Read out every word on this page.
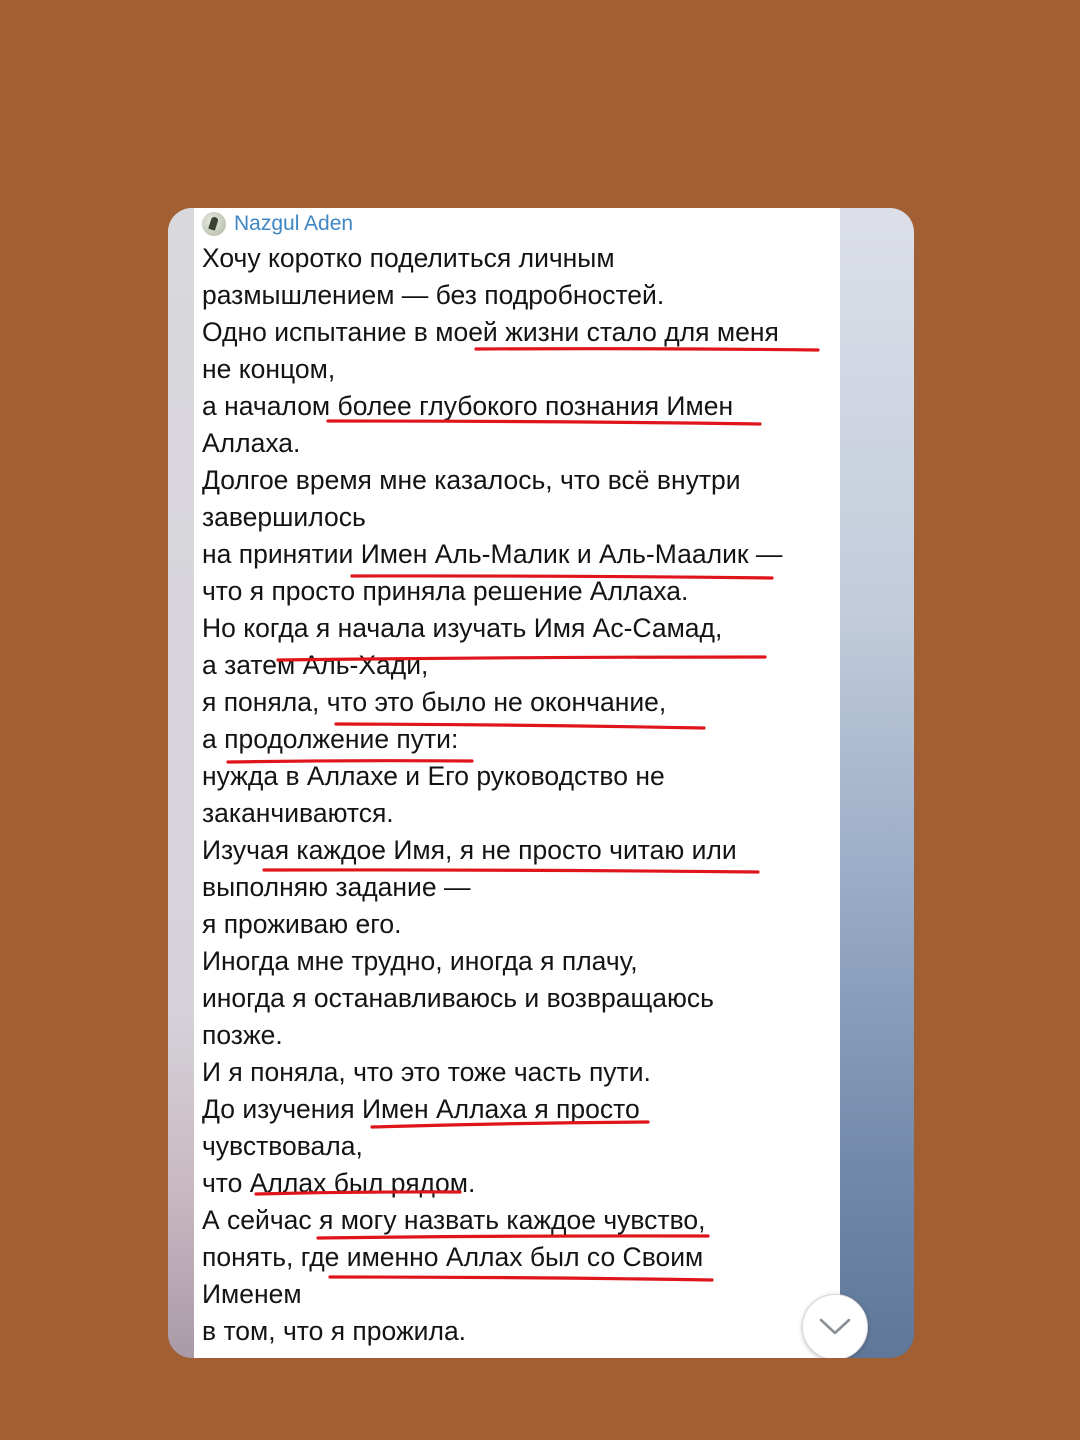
Nazgul Aden
Хочу коротко поделиться личным
размышлением — без подробностей.
Одно испытание в моей жизни стало для меня
не концом,
а началом более глубокого познания Имен
Аллаха.
Долгое время мне казалось, что всё внутри
завершилось
на принятии Имен Аль-Малик и Аль-Маалик —
что я просто приняла решение Аллаха.
Но когда я начала изучать Имя Ас-Самад,
а затем Аль-Хади,
я поняла, что это было не окончание,
а продолжение пути:
нужда в Аллахе и Его руководство не
заканчиваются.
Изучая каждое Имя, я не просто читаю или
выполняю задание —
я проживаю его.
Иногда мне трудно, иногда я плачу,
иногда я останавливаюсь и возвращаюсь
позже.
И я поняла, что это тоже часть пути.
До изучения Имен Аллаха я просто
чувствовала,
что Аллах был рядом.
А сейчас я могу назвать каждое чувство,
понять, где именно Аллах был со Своим
Именем
в том, что я прожила.
